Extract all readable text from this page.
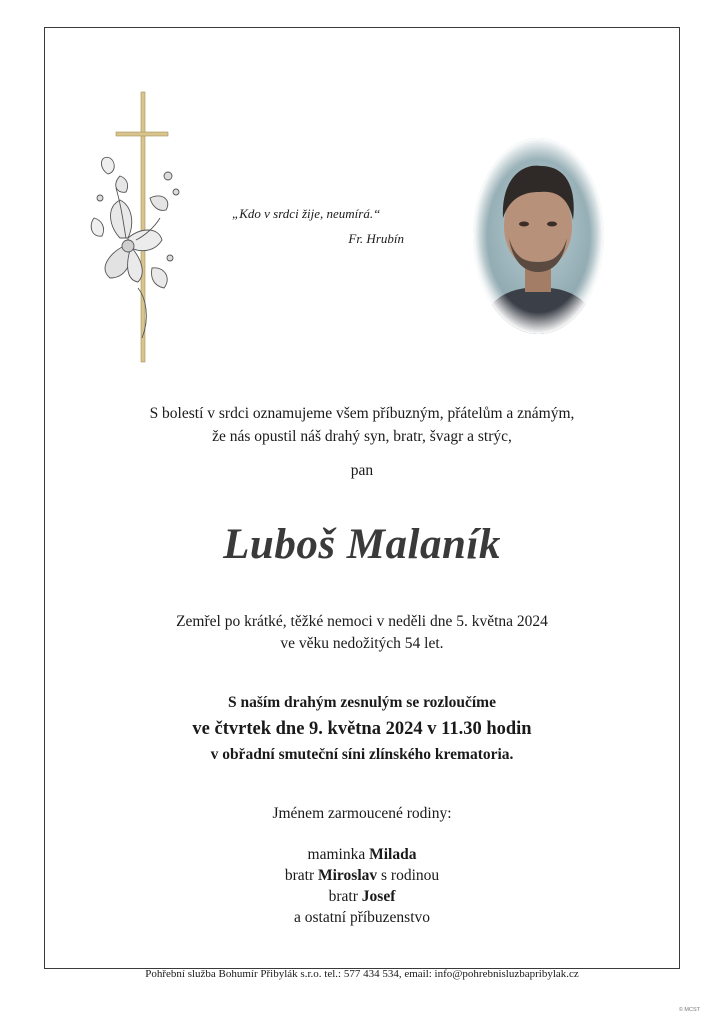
„Kdo v srdci žije, neumírá.“
Fr. Hrubín
S bolestí v srdci oznamujeme všem příbuzným, přátelům a známým,
že nás opustil náš drahý syn, bratr, švagr a strýc,
pan
Luboš Malaník
Zemřel po krátké, těžké nemoci v neděli dne 5. května 2024
ve věku nedožitých 54 let.
S naším drahým zesnulým se rozloučíme
ve čtvrtek dne 9. května 2024 v 11.30 hodin
v obřadní smuteční síni zlínského krematoria.
Jménem zarmoucené rodiny:
maminka Milada
bratr Miroslav s rodinou
bratr Josef
a ostatní příbuzenstvo
Pohřební služba Bohumír Přibylák s.r.o. tel.: 577 434 534, email: info@pohrebnisluzbapribylak.cz
© MCST
